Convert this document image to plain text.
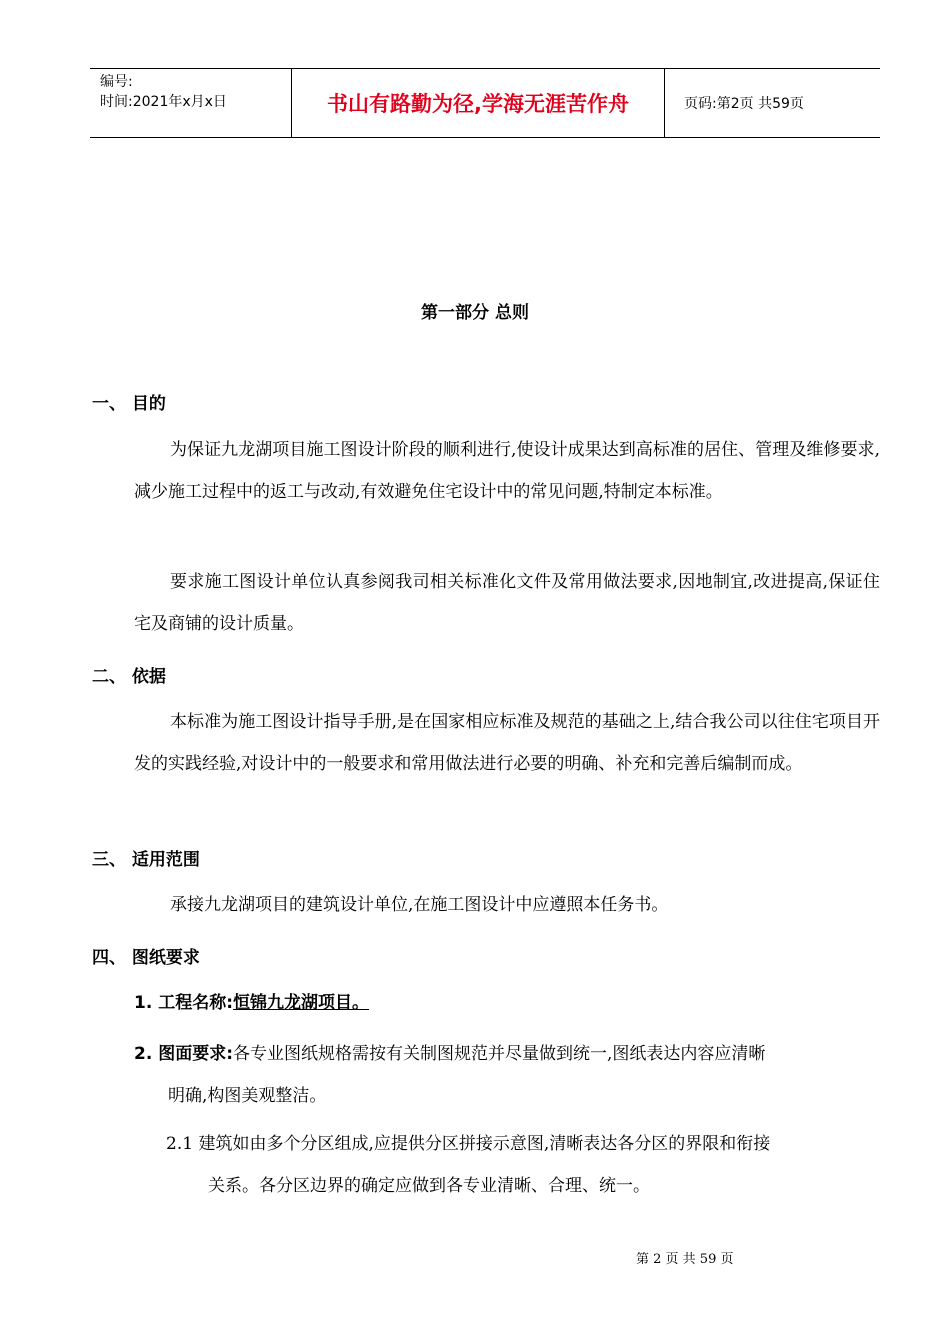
编号:
时间:2021年x月x日	书山有路勤为径,学海无涯苦作舟	页码:第2页 共59页
第一部分 总则
一、 目的
为保证九龙湖项目施工图设计阶段的顺利进行,使设计成果达到高标准的居住、管理及维修要求,减少施工过程中的返工与改动,有效避免住宅设计中的常见问题,特制定本标准。
要求施工图设计单位认真参阅我司相关标准化文件及常用做法要求,因地制宜,改进提高,保证住宅及商铺的设计质量。
二、 依据
本标准为施工图设计指导手册,是在国家相应标准及规范的基础之上,结合我公司以往住宅项目开发的实践经验,对设计中的一般要求和常用做法进行必要的明确、补充和完善后编制而成。
三、 适用范围
承接九龙湖项目的建筑设计单位,在施工图设计中应遵照本任务书。
四、 图纸要求
1. 工程名称:恒锦九龙湖项目。
2. 图面要求:各专业图纸规格需按有关制图规范并尽量做到统一,图纸表达内容应清晰
明确,构图美观整洁。
2.1 建筑如由多个分区组成,应提供分区拼接示意图,清晰表达各分区的界限和衔接
关系。各分区边界的确定应做到各专业清晰、合理、统一。
第 2 页 共 59 页
